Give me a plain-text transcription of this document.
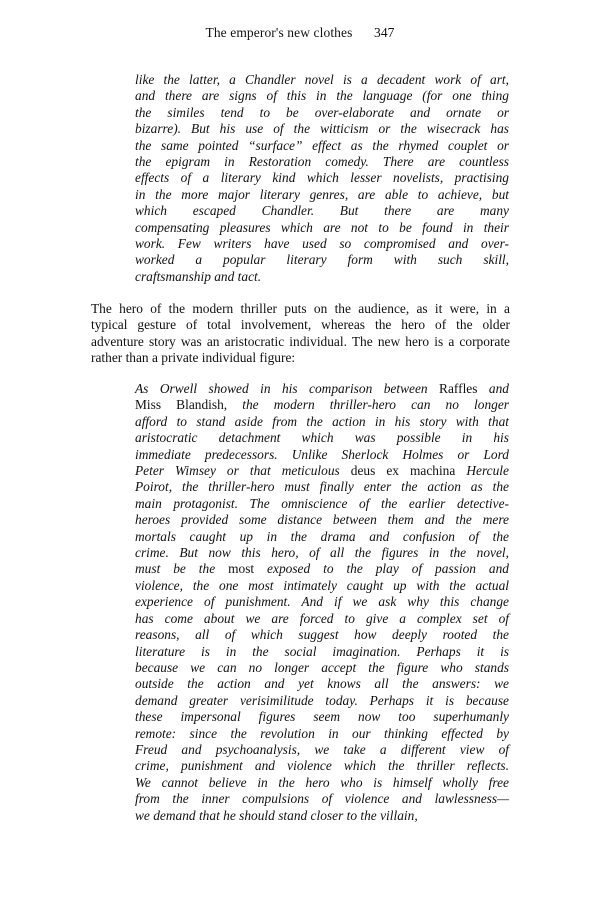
The emperor's new clothes 347
like the latter, a Chandler novel is a decadent work of art,
and there are signs of this in the language (for one thing
the similes tend to be over-elaborate and ornate or
bizarre). But his use of the witticism or the wisecrack has
the same pointed “surface” effect as the rhymed couplet or
the epigram in Restoration comedy. There are countless
effects of a literary kind which lesser novelists, practising
in the more major literary genres, are able to achieve, but
which escaped Chandler. But there are many
compensating pleasures which are not to be found in their
work. Few writers have used so compromised and over-
worked a popular literary form with such skill,
craftsmanship and tact.
The hero of the modern thriller puts on the audience, as it were, in a
typical gesture of total involvement, whereas the hero of the older
adventure story was an aristocratic individual. The new hero is a corporate
rather than a private individual figure:
As Orwell showed in his comparison between Raffles and
Miss Blandish, the modern thriller-hero can no longer
afford to stand aside from the action in his story with that
aristocratic detachment which was possible in his
immediate predecessors. Unlike Sherlock Holmes or Lord
Peter Wimsey or that meticulous deus ex machina Hercule
Poirot, the thriller-hero must finally enter the action as the
main protagonist. The omniscience of the earlier detective-
heroes provided some distance between them and the mere
mortals caught up in the drama and confusion of the
crime. But now this hero, of all the figures in the novel,
must be the most exposed to the play of passion and
violence, the one most intimately caught up with the actual
experience of punishment. And if we ask why this change
has come about we are forced to give a complex set of
reasons, all of which suggest how deeply rooted the
literature is in the social imagination. Perhaps it is
because we can no longer accept the figure who stands
outside the action and yet knows all the answers: we
demand greater verisimilitude today. Perhaps it is because
these impersonal figures seem now too superhumanly
remote: since the revolution in our thinking effected by
Freud and psychoanalysis, we take a different view of
crime, punishment and violence which the thriller reflects.
We cannot believe in the hero who is himself wholly free
from the inner compulsions of violence and lawlessness—
we demand that he should stand closer to the villain,
